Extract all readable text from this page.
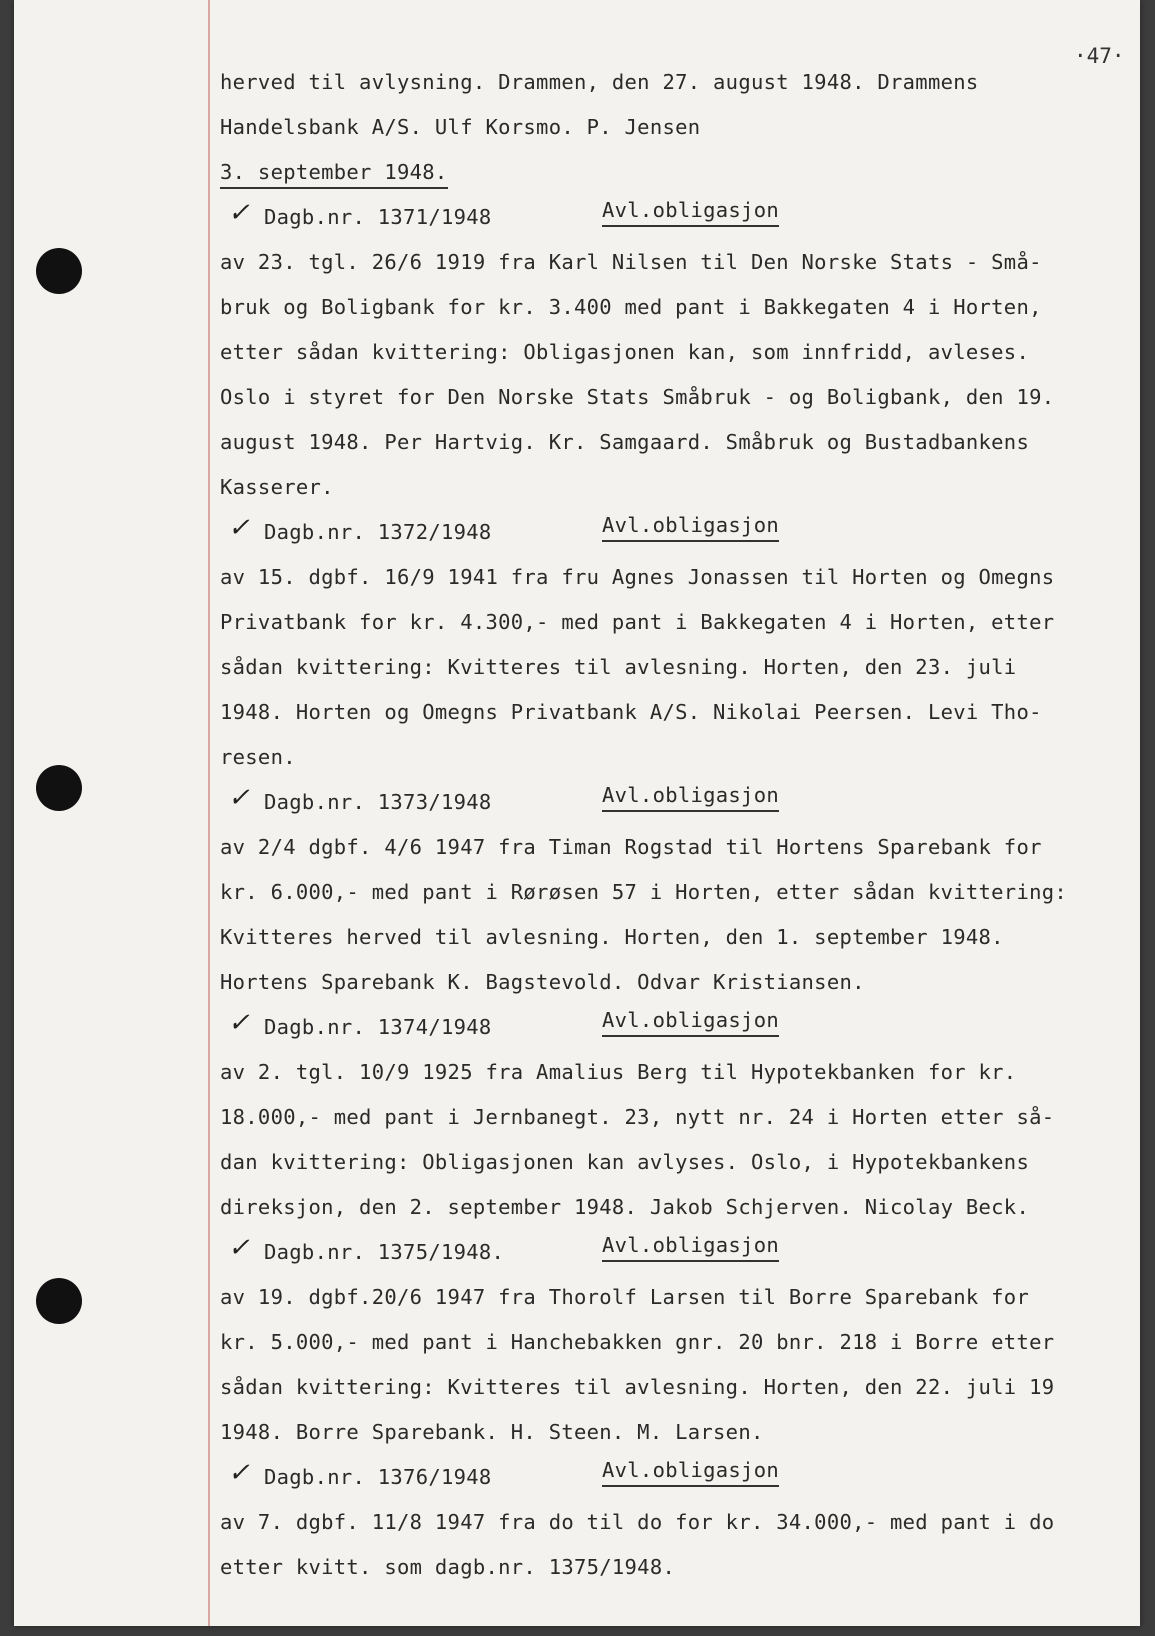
·47·
herved til avlysning. Drammen, den 27. august 1948. Drammens
Handelsbank A/S. Ulf Korsmo. P. Jensen
3. september 1948.
✓ Dagb.nr. 1371/1948	Avl.obligasjon
av 23. tgl. 26/6 1919 fra Karl Nilsen til Den Norske Stats - Små-
bruk og Boligbank for kr. 3.400 med pant i Bakkegaten 4 i Horten,
etter sådan kvittering: Obligasjonen kan, som innfridd, avleses.
Oslo i styret for Den Norske Stats Småbruk - og Boligbank, den 19.
august 1948. Per Hartvig. Kr. Samgaard. Småbruk og Bustadbankens
Kasserer.
✓ Dagb.nr. 1372/1948	Avl.obligasjon
av 15. dgbf. 16/9 1941 fra fru Agnes Jonassen til Horten og Omegns
Privatbank for kr. 4.300,- med pant i Bakkegaten 4 i Horten, etter
sådan kvittering: Kvitteres til avlesning. Horten, den 23. juli
1948. Horten og Omegns Privatbank A/S. Nikolai Peersen. Levi Tho-
resen.
✓ Dagb.nr. 1373/1948	Avl.obligasjon
av 2/4 dgbf. 4/6 1947 fra Timan Rogstad til Hortens Sparebank for
kr. 6.000,- med pant i Rørøsen 57 i Horten, etter sådan kvittering:
Kvitteres herved til avlesning. Horten, den 1. september 1948.
Hortens Sparebank K. Bagstevold. Odvar Kristiansen.
✓ Dagb.nr. 1374/1948	Avl.obligasjon
av 2. tgl. 10/9 1925 fra Amalius Berg til Hypotekbanken for kr.
18.000,- med pant i Jernbanegt. 23, nytt nr. 24 i Horten etter så-
dan kvittering: Obligasjonen kan avlyses. Oslo, i Hypotekbankens
direksjon, den 2. september 1948. Jakob Schjerven. Nicolay Beck.
✓ Dagb.nr. 1375/1948.	Avl.obligasjon
av 19. dgbf.20/6 1947 fra Thorolf Larsen til Borre Sparebank for
kr. 5.000,- med pant i Hanchebakken gnr. 20 bnr. 218 i Borre etter
sådan kvittering: Kvitteres til avlesning. Horten, den 22. juli 19
1948. Borre Sparebank. H. Steen. M. Larsen.
✓ Dagb.nr. 1376/1948	Avl.obligasjon
av 7. dgbf. 11/8 1947 fra do til do for kr. 34.000,- med pant i do
etter kvitt. som dagb.nr. 1375/1948.
